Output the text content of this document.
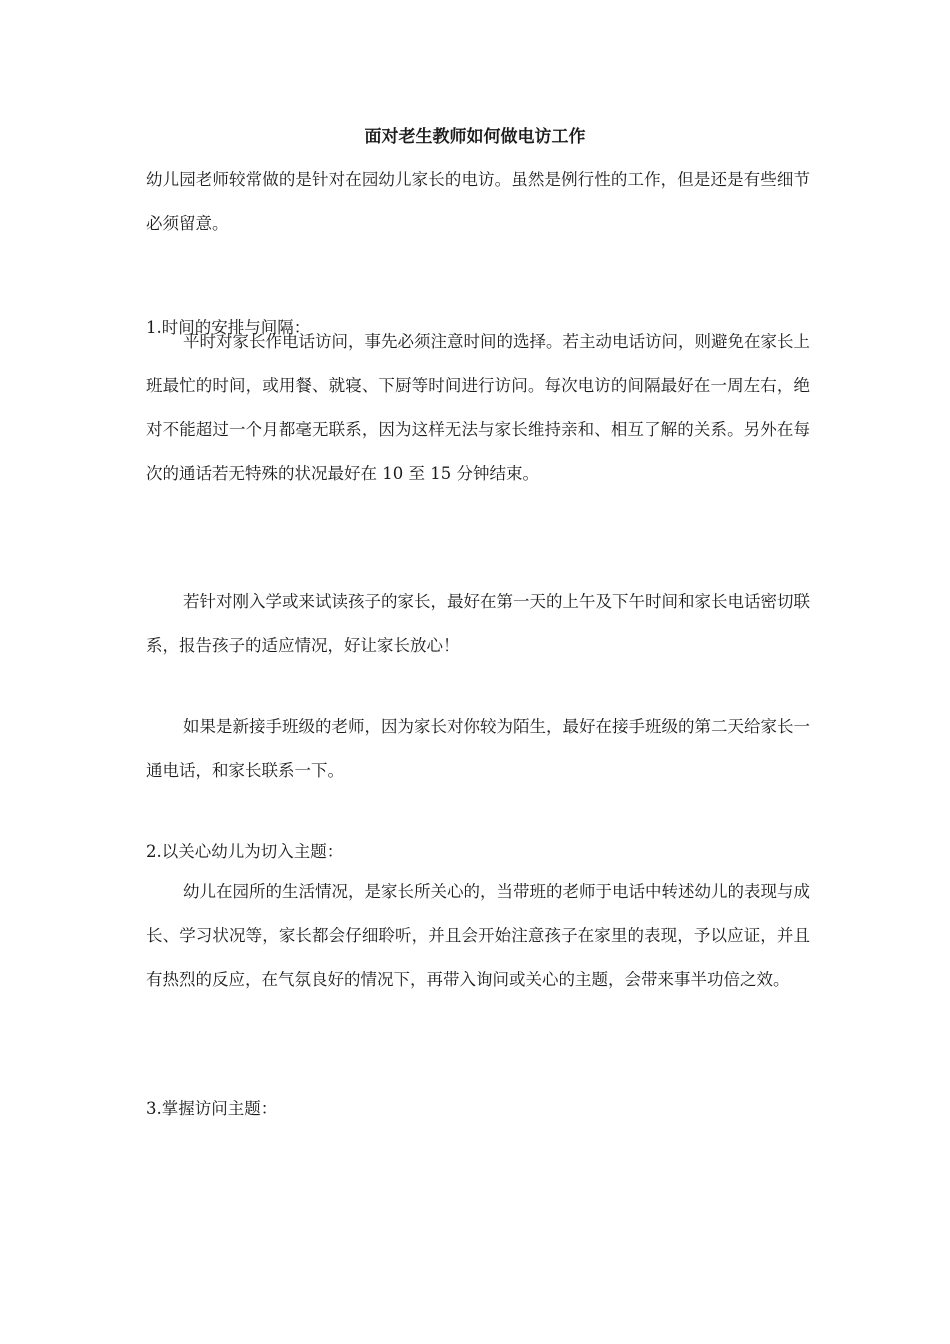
面对老生教师如何做电访工作

幼儿园老师较常做的是针对在园幼儿家长的电访。虽然是例行性的工作，但是还是有些细节必须留意。

1.时间的安排与间隔：

平时对家长作电话访问，事先必须注意时间的选择。若主动电话访问，则避免在家长上班最忙的时间，或用餐、就寝、下厨等时间进行访问。每次电访的间隔最好在一周左右，绝对不能超过一个月都毫无联系，因为这样无法与家长维持亲和、相互了解的关系。另外在每次的通话若无特殊的状况最好在 10 至 15 分钟结束。

若针对刚入学或来试读孩子的家长，最好在第一天的上午及下午时间和家长电话密切联系，报告孩子的适应情况，好让家长放心！

如果是新接手班级的老师，因为家长对你较为陌生，最好在接手班级的第二天给家长一通电话，和家长联系一下。

2.以关心幼儿为切入主题：

幼儿在园所的生活情况，是家长所关心的，当带班的老师于电话中转述幼儿的表现与成长、学习状况等，家长都会仔细聆听，并且会开始注意孩子在家里的表现，予以应证，并且有热烈的反应，在气氛良好的情况下，再带入询问或关心的主题，会带来事半功倍之效。

3.掌握访问主题：
